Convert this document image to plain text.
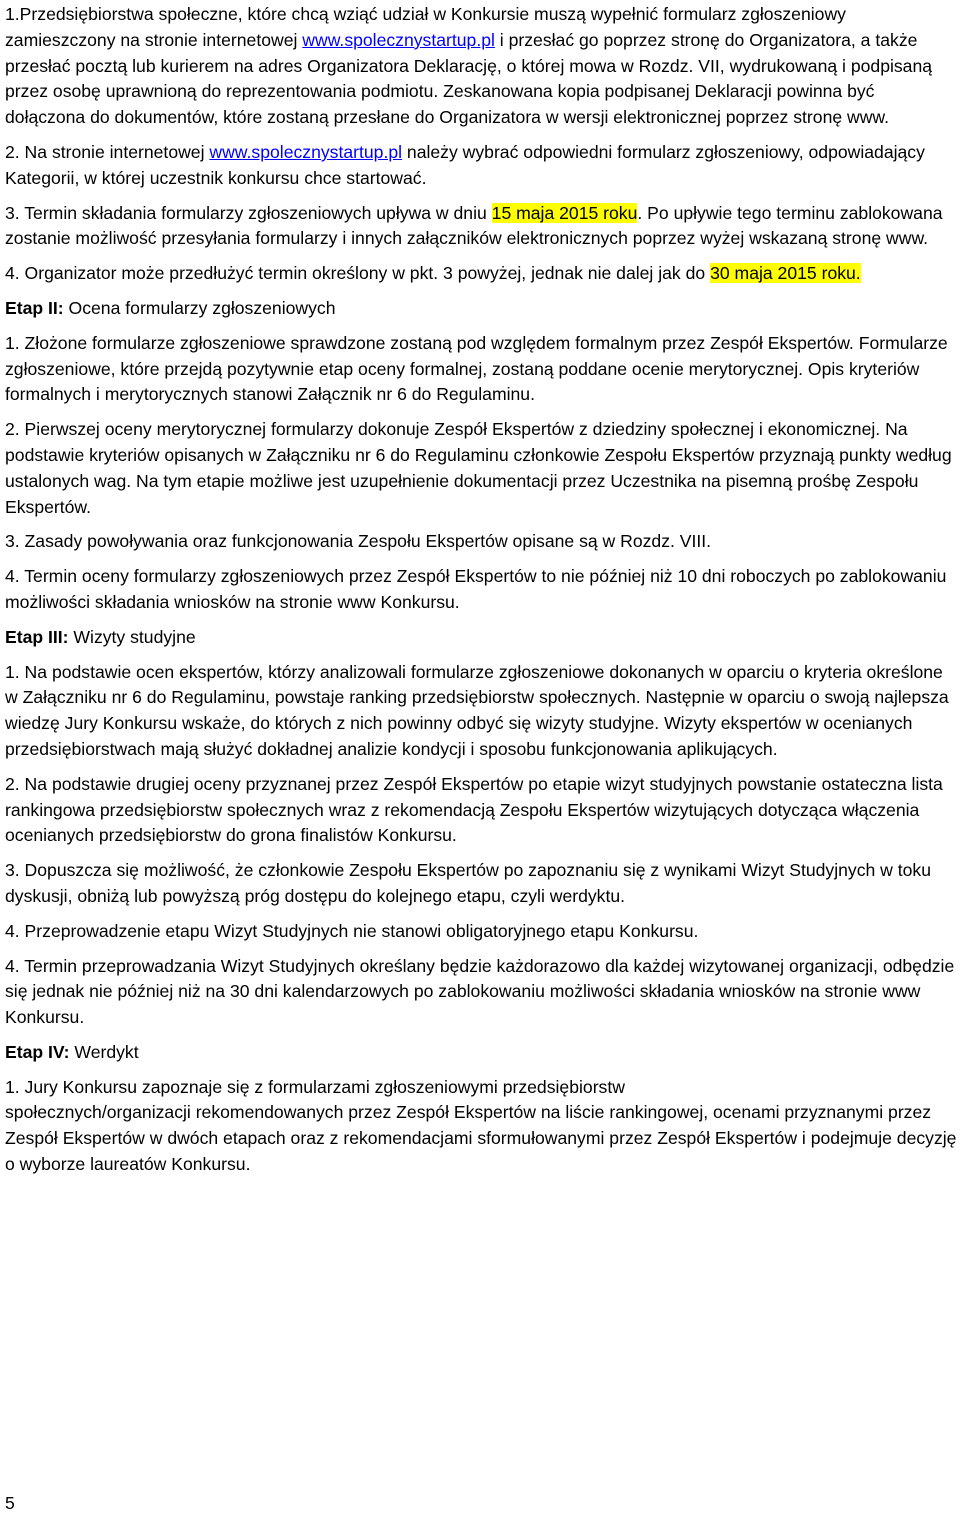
1.Przedsiębiorstwa społeczne, które chcą wziąć udział w Konkursie muszą wypełnić formularz zgłoszeniowy zamieszczony na stronie internetowej www.spolecznystartup.pl i przesłać go poprzez stronę do Organizatora, a także przesłać pocztą lub kurierem na adres Organizatora Deklarację, o której mowa w Rozdz. VII, wydrukowaną i podpisaną przez osobę uprawnioną do reprezentowania podmiotu. Zeskanowana kopia podpisanej Deklaracji powinna być dołączona do dokumentów, które zostaną przesłane do Organizatora w wersji elektronicznej poprzez stronę www.

2. Na stronie internetowej www.spolecznystartup.pl należy wybrać odpowiedni formularz zgłoszeniowy, odpowiadający Kategorii, w której uczestnik konkursu chce startować.

3. Termin składania formularzy zgłoszeniowych upływa w dniu 15 maja 2015 roku. Po upływie tego terminu zablokowana zostanie możliwość przesyłania formularzy i innych załączników elektronicznych poprzez wyżej wskazaną stronę www.

4. Organizator może przedłużyć termin określony w pkt. 3 powyżej, jednak nie dalej jak do 30 maja 2015 roku.

Etap II: Ocena formularzy zgłoszeniowych

1. Złożone formularze zgłoszeniowe sprawdzone zostaną pod względem formalnym przez Zespół Ekspertów. Formularze zgłoszeniowe, które przejdą pozytywnie etap oceny formalnej, zostaną poddane ocenie merytorycznej. Opis kryteriów formalnych i merytorycznych stanowi Załącznik nr 6 do Regulaminu.

2. Pierwszej oceny merytorycznej formularzy dokonuje Zespół Ekspertów z dziedziny społecznej i ekonomicznej. Na podstawie kryteriów opisanych w Załączniku nr 6 do Regulaminu członkowie Zespołu Ekspertów przyznają punkty według ustalonych wag. Na tym etapie możliwe jest uzupełnienie dokumentacji przez Uczestnika na pisemną prośbę Zespołu Ekspertów.

3. Zasady powoływania oraz funkcjonowania Zespołu Ekspertów opisane są w Rozdz. VIII.

4. Termin oceny formularzy zgłoszeniowych przez Zespół Ekspertów to nie później niż 10 dni roboczych po zablokowaniu możliwości składania wniosków na stronie www Konkursu.

Etap III: Wizyty studyjne

1. Na podstawie ocen ekspertów, którzy analizowali formularze zgłoszeniowe dokonanych w oparciu o kryteria określone w Załączniku nr 6 do Regulaminu, powstaje ranking przedsiębiorstw społecznych. Następnie w oparciu o swoją najlepsza wiedzę Jury Konkursu wskaże, do których z nich powinny odbyć się wizyty studyjne. Wizyty ekspertów w ocenianych przedsiębiorstwach mają służyć dokładnej analizie kondycji i sposobu funkcjonowania aplikujących.

2. Na podstawie drugiej oceny przyznanej przez Zespół Ekspertów po etapie wizyt studyjnych powstanie ostateczna lista rankingowa przedsiębiorstw społecznych wraz z rekomendacją Zespołu Ekspertów wizytujących dotycząca włączenia ocenianych przedsiębiorstw do grona finalistów Konkursu.

3. Dopuszcza się możliwość, że członkowie Zespołu Ekspertów po zapoznaniu się z wynikami Wizyt Studyjnych w toku dyskusji, obniżą lub powyższą próg dostępu do kolejnego etapu, czyli werdyktu.

4. Przeprowadzenie etapu Wizyt Studyjnych nie stanowi obligatoryjnego etapu Konkursu.

4. Termin przeprowadzania Wizyt Studyjnych określany będzie każdorazowo dla każdej wizytowanej organizacji, odbędzie się jednak nie później niż na 30 dni kalendarzowych po zablokowaniu możliwości składania wniosków na stronie www Konkursu.

Etap IV: Werdykt

1. Jury Konkursu zapoznaje się z formularzami zgłoszeniowymi przedsiębiorstw
społecznych/organizacji rekomendowanych przez Zespół Ekspertów na liście rankingowej, ocenami przyznanymi przez Zespół Ekspertów w dwóch etapach oraz z rekomendacjami sformułowanymi przez Zespół Ekspertów i podejmuje decyzję o wyborze laureatów Konkursu.

5
